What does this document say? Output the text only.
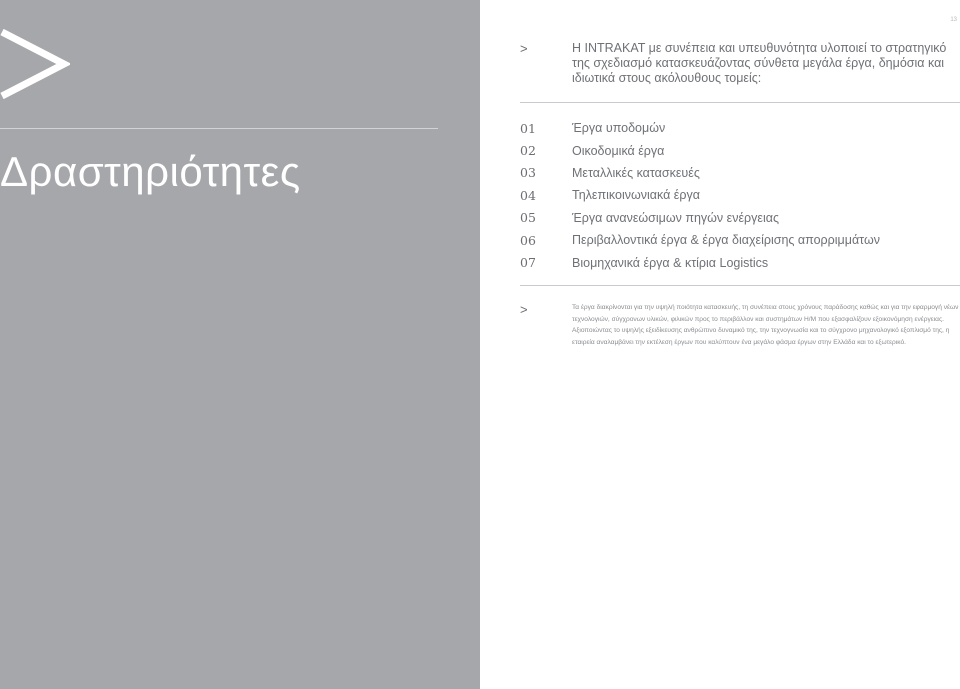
Δραστηριότητες
13
>	Η INTRAKAT με συνέπεια και υπευθυνότητα υλοποιεί το στρατηγικό της σχεδιασμό κατασκευάζοντας σύνθετα μεγάλα έργα, δημόσια και ιδιωτικά στους ακόλουθους τομείς:

01	Έργα υποδομών
02	Οικοδομικά έργα
03	Μεταλλικές κατασκευές
04	Τηλεπικοινωνιακά έργα
05	Έργα ανανεώσιμων πηγών ενέργειας
06	Περιβαλλοντικά έργα & έργα διαχείρισης απορριμμάτων
07	Βιομηχανικά έργα & κτίρια Logistics
>	Τα έργα διακρίνονται για την υψηλή ποιότητα κατασκευής, τη συνέπεια στους χρόνους παράδοσης καθώς και για την εφαρμογή νέων τεχνολογιών, σύγχρονων υλικών, φιλικών προς το περιβάλλον και συστημάτων Η/Μ που εξασφαλίζουν εξοικονόμηση ενέργειας. Αξιοποιώντας το υψηλής εξειδίκευσης ανθρώπινο δυναμικό της, την τεχνογνωσία και το σύγχρονο μηχανολογικό εξοπλισμό της, η εταιρεία αναλαμβάνει την εκτέλεση έργων που καλύπτουν ένα μεγάλο φάσμα έργων στην Ελλάδα και το εξωτερικό.
